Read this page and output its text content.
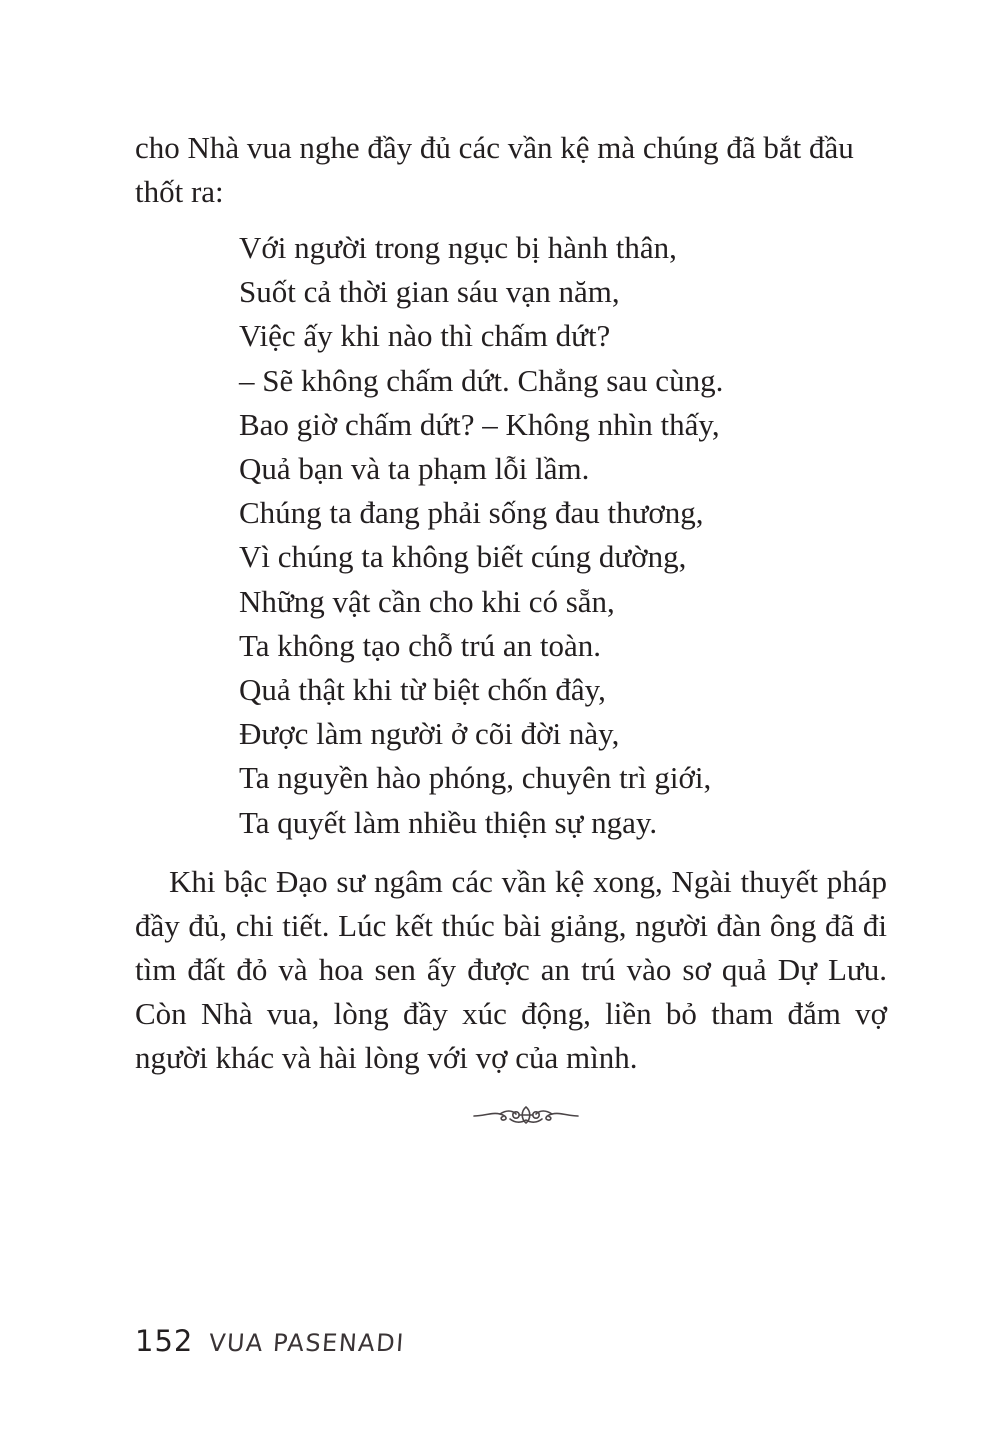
cho Nhà vua nghe đầy đủ các vần kệ mà chúng đã bắt đầu thốt ra:

Với người trong ngục bị hành thân,
Suốt cả thời gian sáu vạn năm,
Việc ấy khi nào thì chấm dứt?
– Sẽ không chấm dứt. Chẳng sau cùng.
Bao giờ chấm dứt? – Không nhìn thấy,
Quả bạn và ta phạm lỗi lầm.
Chúng ta đang phải sống đau thương,
Vì chúng ta không biết cúng dường,
Những vật cần cho khi có sẵn,
Ta không tạo chỗ trú an toàn.
Quả thật khi từ biệt chốn đây,
Được làm người ở cõi đời này,
Ta nguyền hào phóng, chuyên trì giới,
Ta quyết làm nhiều thiện sự ngay.

Khi bậc Đạo sư ngâm các vần kệ xong, Ngài thuyết pháp đầy đủ, chi tiết. Lúc kết thúc bài giảng, người đàn ông đã đi tìm đất đỏ và hoa sen ấy được an trú vào sơ quả Dự Lưu. Còn Nhà vua, lòng đầy xúc động, liền bỏ tham đắm vợ người khác và hài lòng với vợ của mình.

152 VUA PASENADI
